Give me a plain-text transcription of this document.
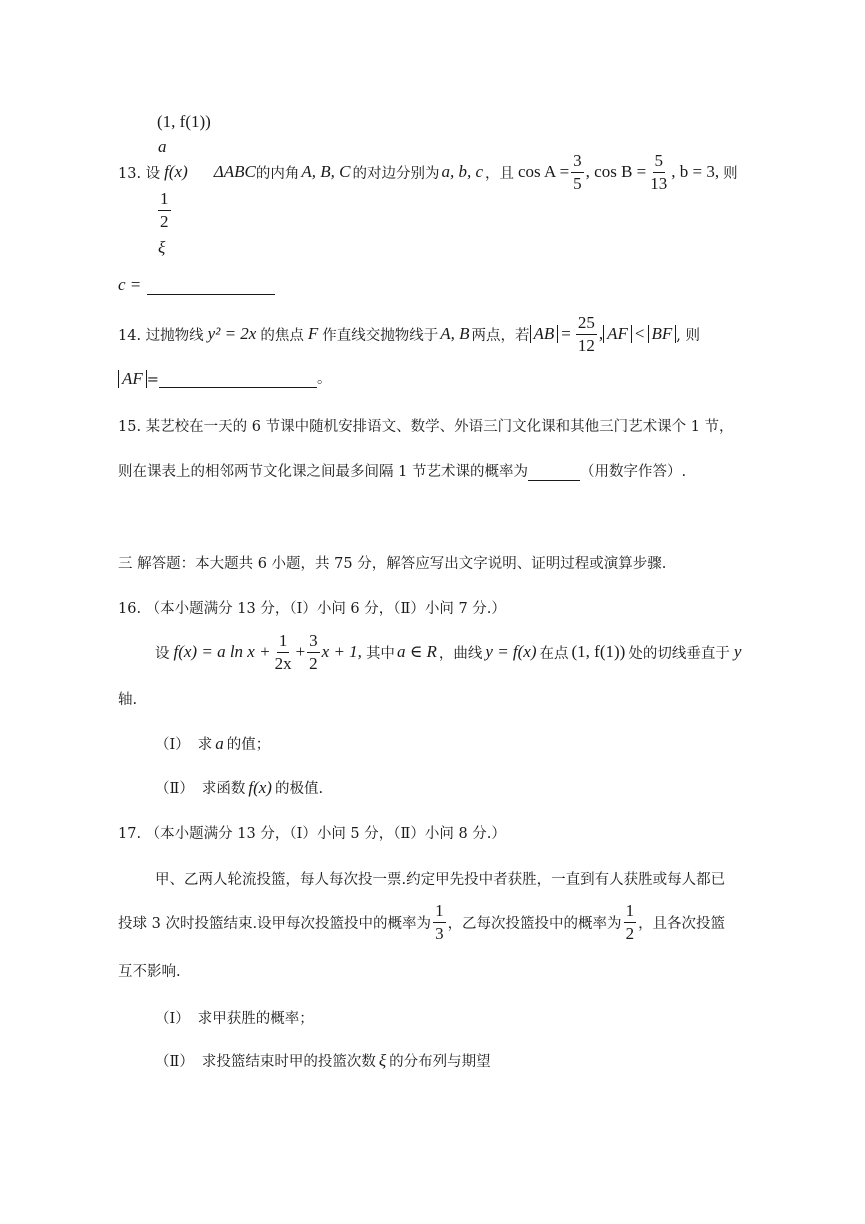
(1, f(1))
a
$\frac{1}{2}$
ξ
13. 设 f(x) ΔABC 的内角 A, B, C 的对边分别为 a, b, c ，且 $\cos A = \frac{3}{5}$ , $\cos B = \frac{5}{13}$ , b = 3, 则
c =
14. 过抛物线 y² = 2x 的焦点 F 作直线交抛物线于 A, B 两点，若 AB = $\frac{25}{12}$ , AF < BF , 则
AF =	。
15. 某艺校在一天的 6 节课中随机安排语文、数学、外语三门文化课和其他三门艺术课个 1 节，
则在课表上的相邻两节文化课之间最多间隔 1 节艺术课的概率为	（用数字作答）.
三 解答题：本大题共 6 小题，共 75 分，解答应写出文字说明、证明过程或演算步骤.
16. （本小题满分 13 分，（Ⅰ）小问 6 分，（Ⅱ）小问 7 分.）
设 f(x) = a $\ln x + \frac{1}{2x} + \frac{3}{2}$ x + 1, 其中 a ∈ R ，曲线 y = f(x) 在点 (1, f(1)) 处的切线垂直于 y
轴.
（Ⅰ） 求 a 的值；
（Ⅱ） 求函数 f(x) 的极值.
17. （本小题满分 13 分，（Ⅰ）小问 5 分，（Ⅱ）小问 8 分.）
甲、乙两人轮流投篮，每人每次投一票.约定甲先投中者获胜，一直到有人获胜或每人都已
投球 3 次时投篮结束.设甲每次投篮投中的概率为 $\frac{1}{3}$ ，乙每次投篮投中的概率为 $\frac{1}{2}$ ，且各次投篮
互不影响.
（Ⅰ） 求甲获胜的概率；
（Ⅱ） 求投篮结束时甲的投篮次数 ξ 的分布列与期望
